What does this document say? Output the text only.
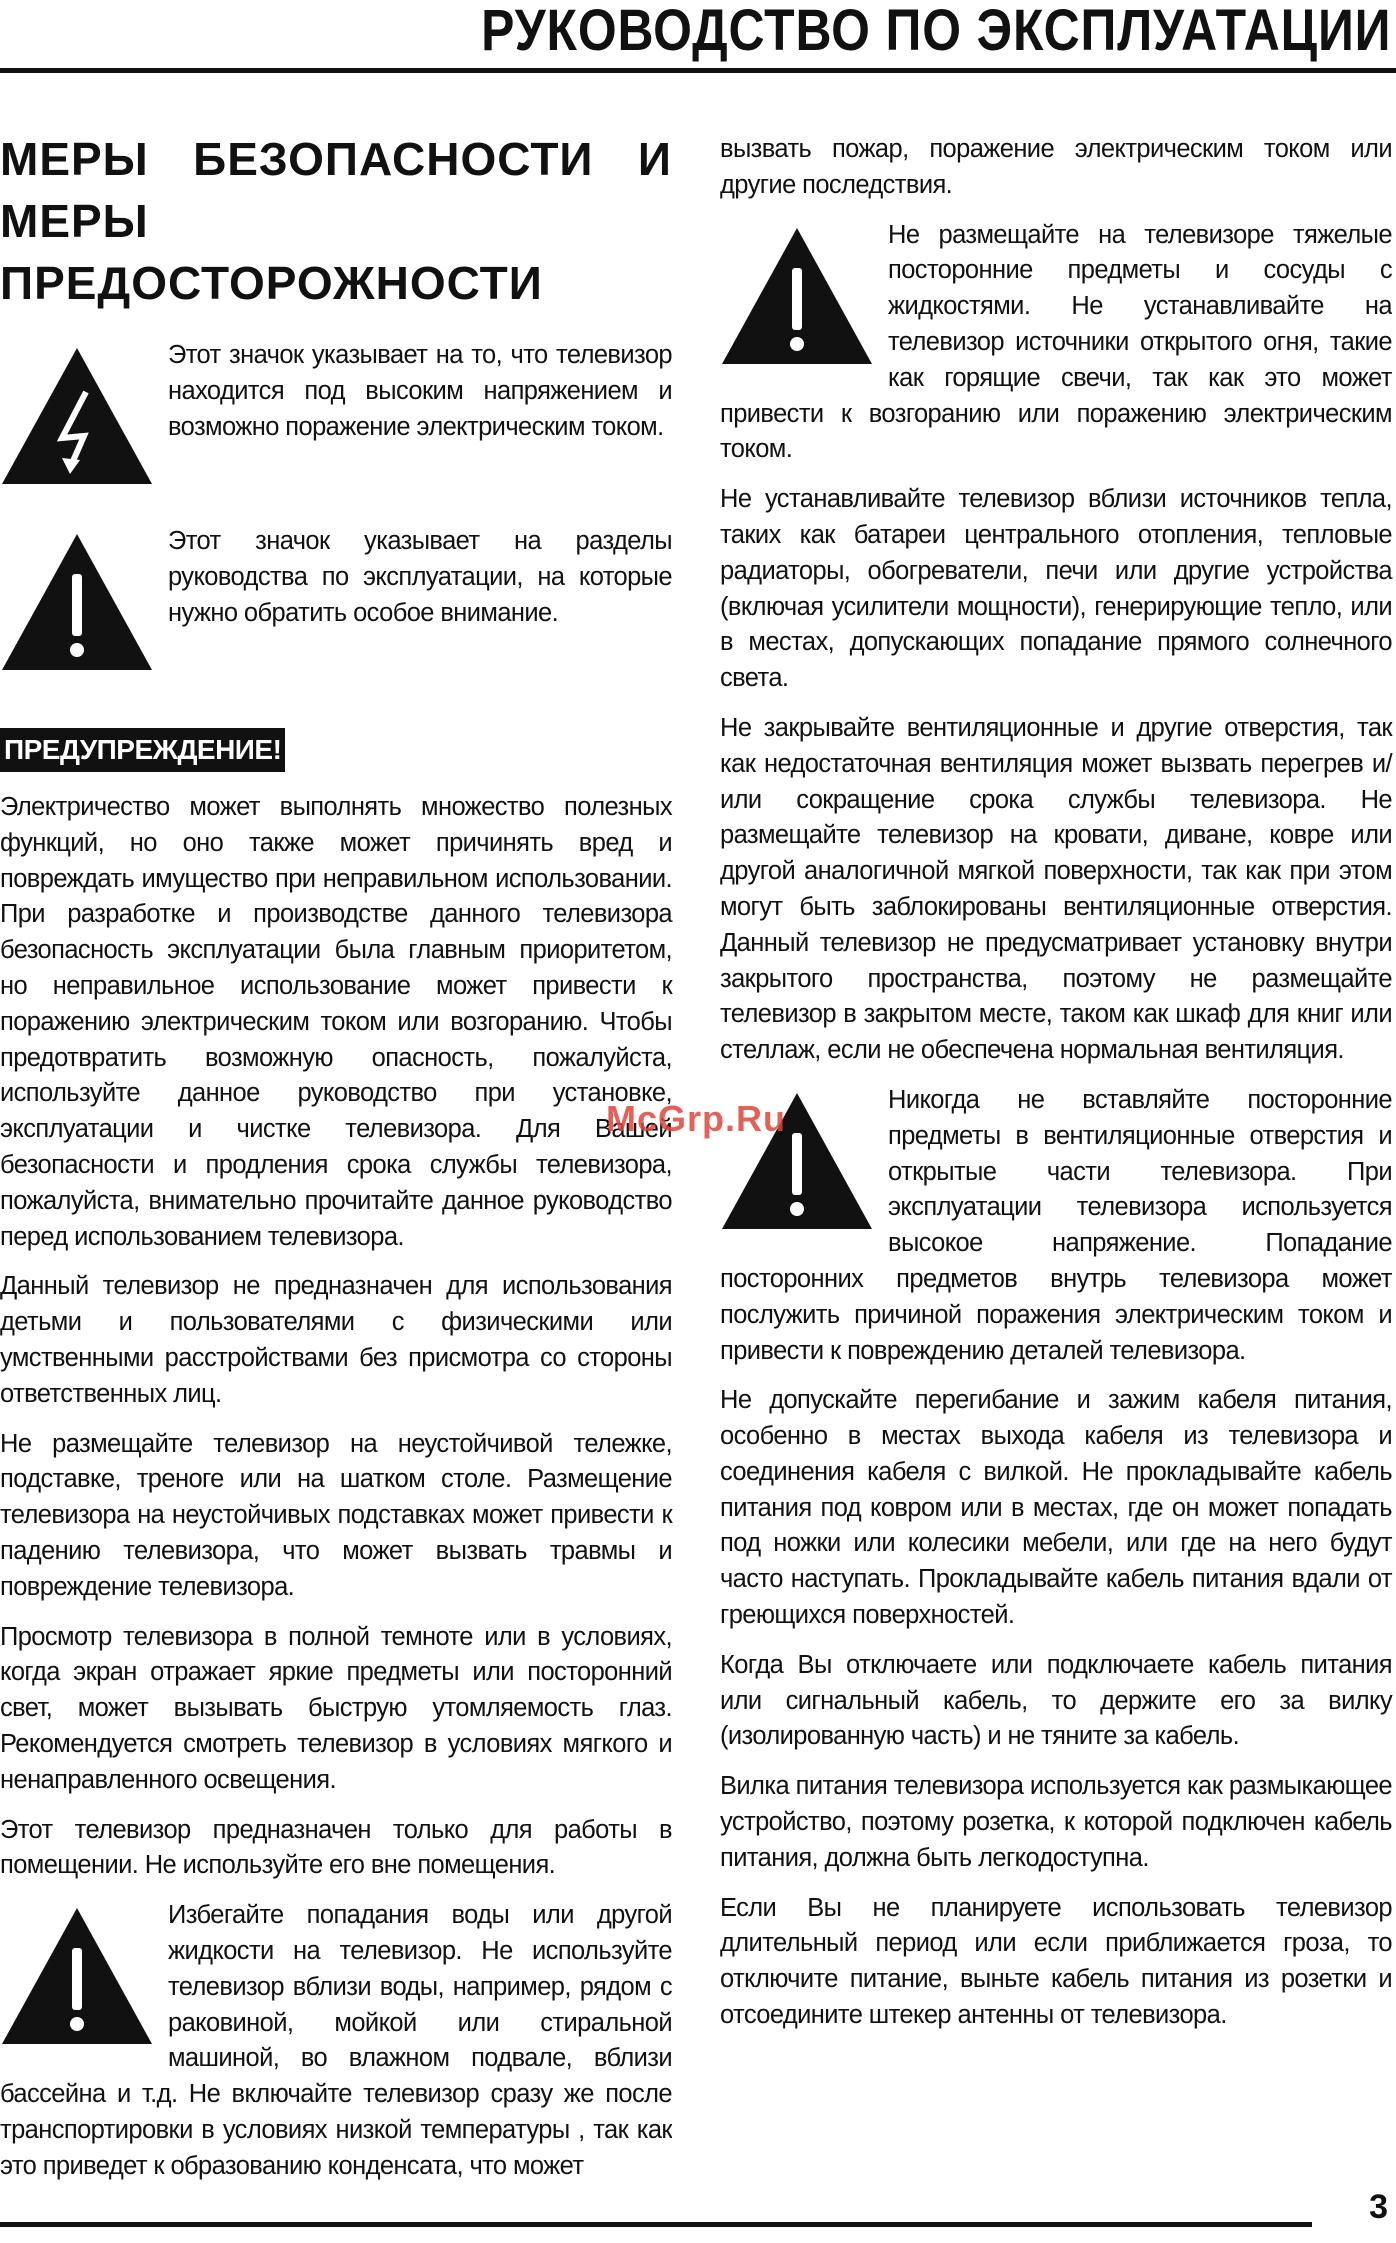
РУКОВОДСТВО ПО ЭКСПЛУАТАЦИИ
МЕРЫ БЕЗОПАСНОСТИ И МЕРЫ ПРЕДОСТОРОЖНОСТИ

Этот значок указывает на то, что телевизор находится под высоким напряжением и возможно поражение электрическим током.

Этот значок указывает на разделы руководства по эксплуатации, на которые нужно обратить особое внимание.

ПРЕДУПРЕЖДЕНИЕ!

Электричество может выполнять множество полезных функций, но оно также может причинять вред и повреждать имущество при неправильном использовании. При разработке и производстве данного телевизора безопасность эксплуатации была главным приоритетом, но неправильное использование может привести к поражению электрическим током или возгоранию. Чтобы предотвратить возможную опасность, пожалуйста, используйте данное руководство при установке, эксплуатации и чистке телевизора. Для Вашей безопасности и продления срока службы телевизора, пожалуйста, внимательно прочитайте данное руководство перед использованием телевизора.

Данный телевизор не предназначен для использования детьми и пользователями с физическими или умственными расстройствами без присмотра со стороны ответственных лиц.

Не размещайте телевизор на неустойчивой тележке, подставке, треноге или на шатком столе. Размещение телевизора на неустойчивых подставках может привести к падению телевизора, что может вызвать травмы и повреждение телевизора.

Просмотр телевизора в полной темноте или в условиях, когда экран отражает яркие предметы или посторонний свет, может вызывать быструю утомляемость глаз. Рекомендуется смотреть телевизор в условиях мягкого и ненаправленного освещения.

Этот телевизор предназначен только для работы в помещении. Не используйте его вне помещения.

Избегайте попадания воды или другой жидкости на телевизор. Не используйте телевизор вблизи воды, например, рядом с раковиной, мойкой или стиральной машиной, во влажном подвале, вблизи бассейна и т.д. Не включайте телевизор сразу же после транспортировки в условиях низкой температуры , так как это приведет к образованию конденсата, что может

вызвать пожар, поражение электрическим током или другие последствия.

Не размещайте на телевизоре тяжелые посторонние предметы и сосуды с жидкостями. Не устанавливайте на телевизор источники открытого огня, такие как горящие свечи, так как это может привести к возгоранию или поражению электрическим током.

Не устанавливайте телевизор вблизи источников тепла, таких как батареи центрального отопления, тепловые радиаторы, обогреватели, печи или другие устройства (включая усилители мощности), генерирующие тепло, или в местах, допускающих попадание прямого солнечного света.

Не закрывайте вентиляционные и другие отверстия, так как недостаточная вентиляция может вызвать перегрев и/или сокращение срока службы телевизора. Не размещайте телевизор на кровати, диване, ковре или другой аналогичной мягкой поверхности, так как при этом могут быть заблокированы вентиляционные отверстия. Данный телевизор не предусматривает установку внутри закрытого пространства, поэтому не размещайте телевизор в закрытом месте, таком как шкаф для книг или стеллаж, если не обеспечена нормальная вентиляция.

Никогда не вставляйте посторонние предметы в вентиляционные отверстия и открытые части телевизора. При эксплуатации телевизора используется высокое напряжение. Попадание посторонних предметов внутрь телевизора может послужить причиной поражения электрическим током и привести к повреждению деталей телевизора.

Не допускайте перегибание и зажим кабеля питания, особенно в местах выхода кабеля из телевизора и соединения кабеля с вилкой. Не прокладывайте кабель питания под ковром или в местах, где он может попадать под ножки или колесики мебели, или где на него будут часто наступать. Прокладывайте кабель питания вдали от греющихся поверхностей.

Когда Вы отключаете или подключаете кабель питания или сигнальный кабель, то держите его за вилку (изолированную часть) и не тяните за кабель.

Вилка питания телевизора используется как размыкающее устройство, поэтому розетка, к которой подключен кабель питания, должна быть легкодоступна.

Если Вы не планируете использовать телевизор длительный период или если приближается гроза, то отключите питание, выньте кабель питания из розетки и отсоедините штекер антенны от телевизора.

McGrp.Ru
3
